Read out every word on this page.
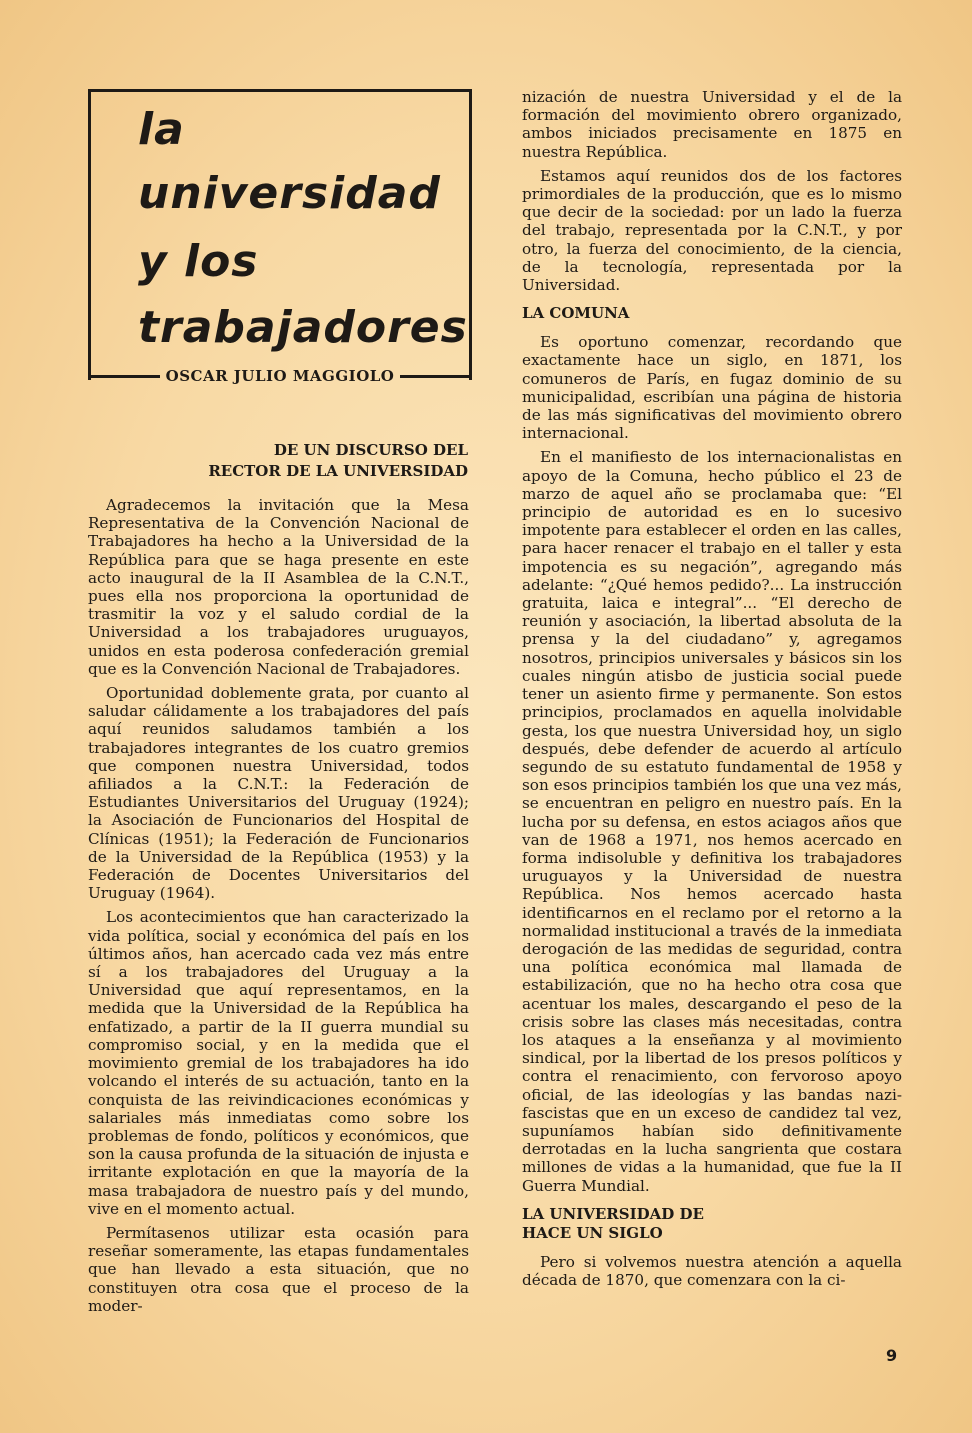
la
universidad
y los
trabajadores
OSCAR JULIO MAGGIOLO
DE UN DISCURSO DEL
RECTOR DE LA UNIVERSIDAD

Agradecemos la invitación que la Mesa Representativa de la Convención Nacional de Trabajadores ha hecho a la Universidad de la República para que se haga presente en este acto inaugural de la II Asamblea de la C.N.T., pues ella nos proporciona la oportunidad de trasmitir la voz y el saludo cordial de la Universidad a los trabajadores uruguayos, unidos en esta poderosa confederación gremial que es la Convención Nacional de Trabajadores.

Oportunidad doblemente grata, por cuanto al saludar cálidamente a los trabajadores del país aquí reunidos saludamos también a los trabajadores integrantes de los cuatro gremios que componen nuestra Universidad, todos afiliados a la C.N.T.: la Federación de Estudiantes Universitarios del Uruguay (1924); la Asociación de Funcionarios del Hospital de Clínicas (1951); la Federación de Funcionarios de la Universidad de la República (1953) y la Federación de Docentes Universitarios del Uruguay (1964).

Los acontecimientos que han caracterizado la vida política, social y económica del país en los últimos años, han acercado cada vez más entre sí a los trabajadores del Uruguay a la Universidad que aquí representamos, en la medida que la Universidad de la República ha enfatizado, a partir de la II guerra mundial su compromiso social, y en la medida que el movimiento gremial de los trabajadores ha ido volcando el interés de su actuación, tanto en la conquista de las reivindicaciones económicas y salariales más inmediatas como sobre los problemas de fondo, políticos y económicos, que son la causa profunda de la situación de injusta e irritante explotación en que la mayoría de la masa trabajadora de nuestro país y del mundo, vive en el momento actual.

Permítasenos utilizar esta ocasión para reseñar someramente, las etapas fundamentales que han llevado a esta situación, que no constituyen otra cosa que el proceso de la moder-

nización de nuestra Universidad y el de la formación del movimiento obrero organizado, ambos iniciados precisamente en 1875 en nuestra República.

Estamos aquí reunidos dos de los factores primordiales de la producción, que es lo mismo que decir de la sociedad: por un lado la fuerza del trabajo, representada por la C.N.T., y por otro, la fuerza del conocimiento, de la ciencia, de la tecnología, representada por la Universidad.

LA COMUNA

Es oportuno comenzar, recordando que exactamente hace un siglo, en 1871, los comuneros de París, en fugaz dominio de su municipalidad, escribían una página de historia de las más significativas del movimiento obrero internacional.

En el manifiesto de los internacionalistas en apoyo de la Comuna, hecho público el 23 de marzo de aquel año se proclamaba que: “El principio de autoridad es en lo sucesivo impotente para establecer el orden en las calles, para hacer renacer el trabajo en el taller y esta impotencia es su negación”, agregando más adelante: “¿Qué hemos pedido?... La instrucción gratuita, laica e integral”... “El derecho de reunión y asociación, la libertad absoluta de la prensa y la del ciudadano” y, agregamos nosotros, principios universales y básicos sin los cuales ningún atisbo de justicia social puede tener un asiento firme y permanente. Son estos principios, proclamados en aquella inolvidable gesta, los que nuestra Universidad hoy, un siglo después, debe defender de acuerdo al artículo segundo de su estatuto fundamental de 1958 y son esos principios también los que una vez más, se encuentran en peligro en nuestro país. En la lucha por su defensa, en estos aciagos años que van de 1968 a 1971, nos hemos acercado en forma indisoluble y definitiva los trabajadores uruguayos y la Universidad de nuestra República. Nos hemos acercado hasta identificarnos en el reclamo por el retorno a la normalidad institucional a través de la inmediata derogación de las medidas de seguridad, contra una política económica mal llamada de estabilización, que no ha hecho otra cosa que acentuar los males, descargando el peso de la crisis sobre las clases más necesitadas, contra los ataques a la enseñanza y al movimiento sindical, por la libertad de los presos políticos y contra el renacimiento, con fervoroso apoyo oficial, de las ideologías y las bandas nazi-fascistas que en un exceso de candidez tal vez, supuníamos habían sido definitivamente derrotadas en la lucha sangrienta que costara millones de vidas a la humanidad, que fue la II Guerra Mundial.

LA UNIVERSIDAD DE
HACE UN SIGLO

Pero si volvemos nuestra atención a aquella década de 1870, que comenzara con la ci-

9
